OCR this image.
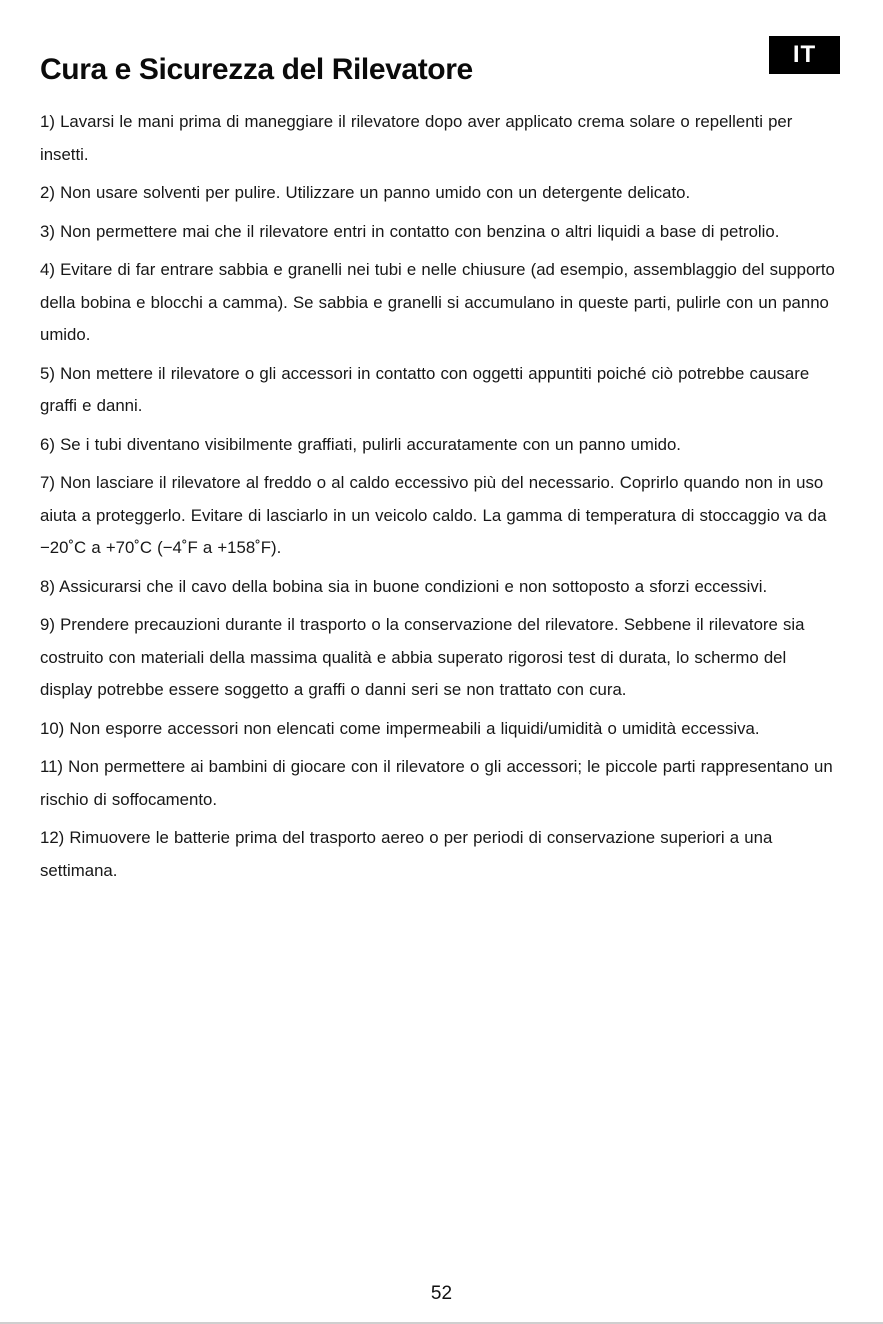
Cura e Sicurezza del Rilevatore	IT
1) Lavarsi le mani prima di maneggiare il rilevatore dopo aver applicato crema solare o repellenti per insetti.
2) Non usare solventi per pulire. Utilizzare un panno umido con un detergente delicato.
3) Non permettere mai che il rilevatore entri in contatto con benzina o altri liquidi a base di petrolio.
4) Evitare di far entrare sabbia e granelli nei tubi e nelle chiusure (ad esempio, assemblaggio del supporto della bobina e blocchi a camma). Se sabbia e granelli si accumulano in queste parti, pulirle con un panno umido.
5) Non mettere il rilevatore o gli accessori in contatto con oggetti appuntiti poiché ciò potrebbe causare graffi e danni.
6) Se i tubi diventano visibilmente graffiati, pulirli accuratamente con un panno umido.
7) Non lasciare il rilevatore al freddo o al caldo eccessivo più del necessario. Coprirlo quando non in uso aiuta a proteggerlo. Evitare di lasciarlo in un veicolo caldo. La gamma di temperatura di stoccaggio va da −20˚C a +70˚C (−4˚F a +158˚F).
8) Assicurarsi che il cavo della bobina sia in buone condizioni e non sottoposto a sforzi eccessivi.
9) Prendere precauzioni durante il trasporto o la conservazione del rilevatore. Sebbene il rilevatore sia costruito con materiali della massima qualità e abbia superato rigorosi test di durata, lo schermo del display potrebbe essere soggetto a graffi o danni seri se non trattato con cura.
10) Non esporre accessori non elencati come impermeabili a liquidi/umidità o umidità eccessiva.
11) Non permettere ai bambini di giocare con il rilevatore o gli accessori; le piccole parti rappresentano un rischio di soffocamento.
12) Rimuovere le batterie prima del trasporto aereo o per periodi di conservazione superiori a una settimana.
52
